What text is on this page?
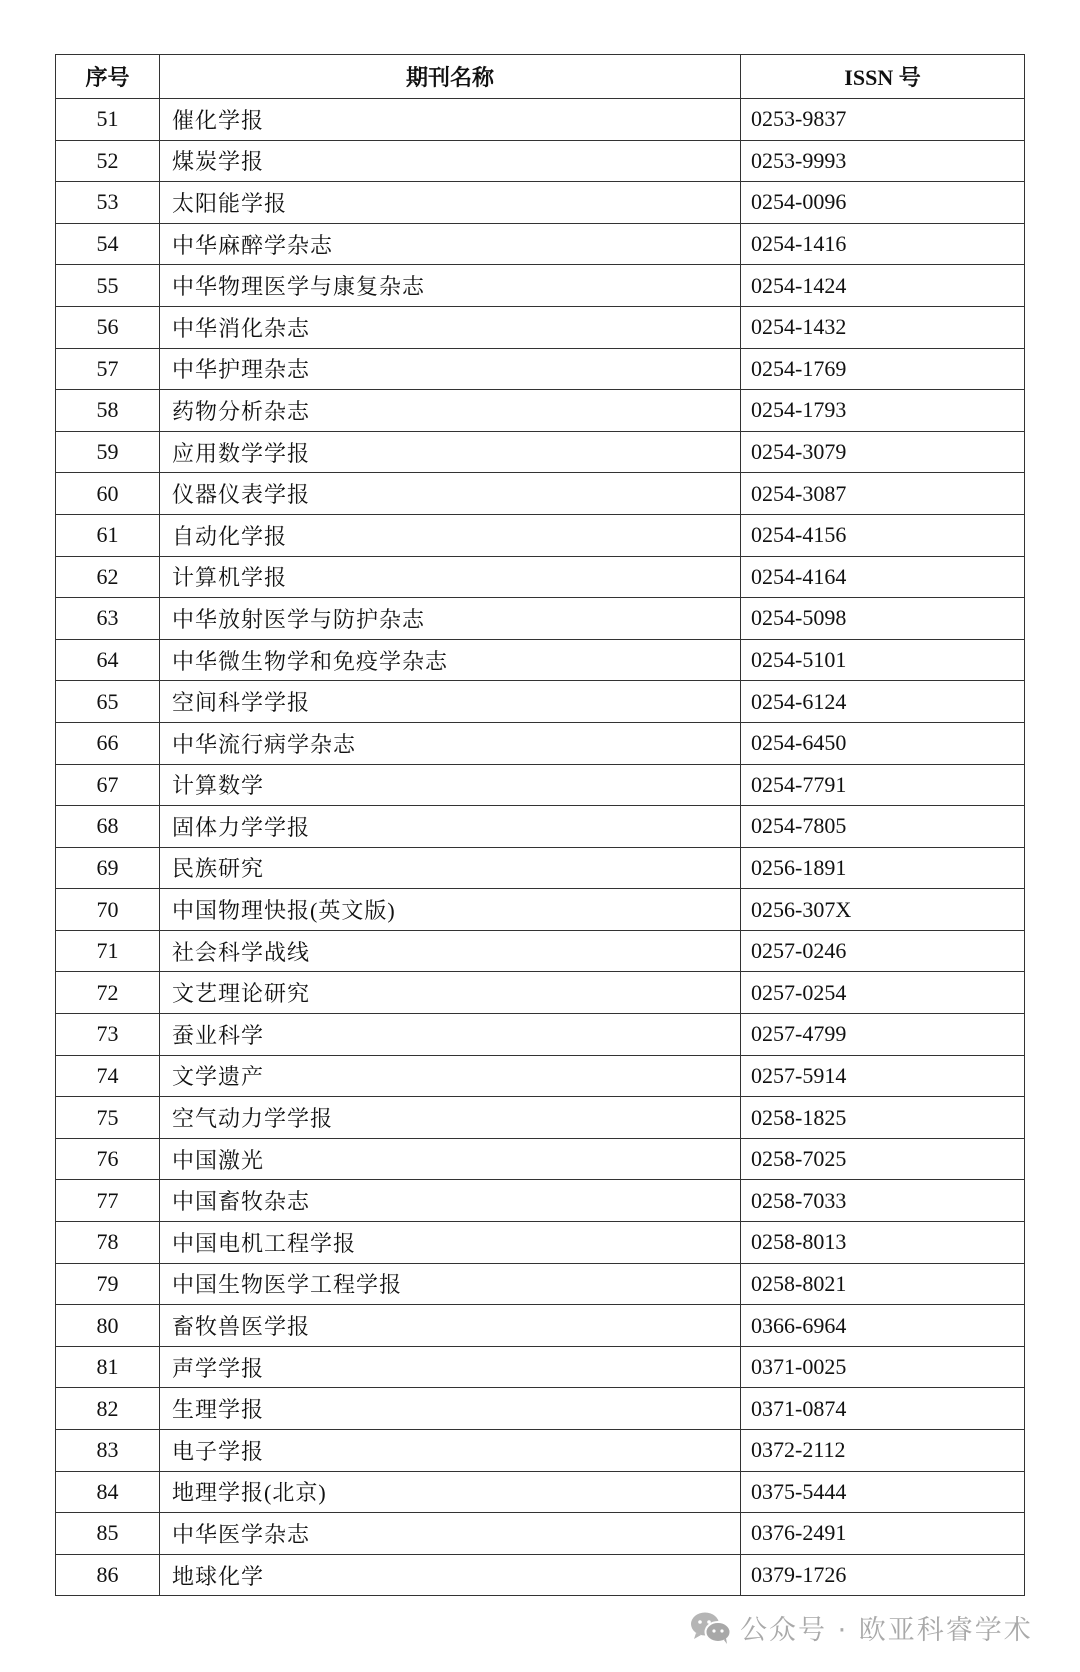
序号	期刊名称	ISSN 号
51	催化学报	0253-9837
52	煤炭学报	0253-9993
53	太阳能学报	0254-0096
54	中华麻醉学杂志	0254-1416
55	中华物理医学与康复杂志	0254-1424
56	中华消化杂志	0254-1432
57	中华护理杂志	0254-1769
58	药物分析杂志	0254-1793
59	应用数学学报	0254-3079
60	仪器仪表学报	0254-3087
61	自动化学报	0254-4156
62	计算机学报	0254-4164
63	中华放射医学与防护杂志	0254-5098
64	中华微生物学和免疫学杂志	0254-5101
65	空间科学学报	0254-6124
66	中华流行病学杂志	0254-6450
67	计算数学	0254-7791
68	固体力学学报	0254-7805
69	民族研究	0256-1891
70	中国物理快报(英文版)	0256-307X
71	社会科学战线	0257-0246
72	文艺理论研究	0257-0254
73	蚕业科学	0257-4799
74	文学遗产	0257-5914
75	空气动力学学报	0258-1825
76	中国激光	0258-7025
77	中国畜牧杂志	0258-7033
78	中国电机工程学报	0258-8013
79	中国生物医学工程学报	0258-8021
80	畜牧兽医学报	0366-6964
81	声学学报	0371-0025
82	生理学报	0371-0874
83	电子学报	0372-2112
84	地理学报(北京)	0375-5444
85	中华医学杂志	0376-2491
86	地球化学	0379-1726
公众号 · 欧亚科睿学术
